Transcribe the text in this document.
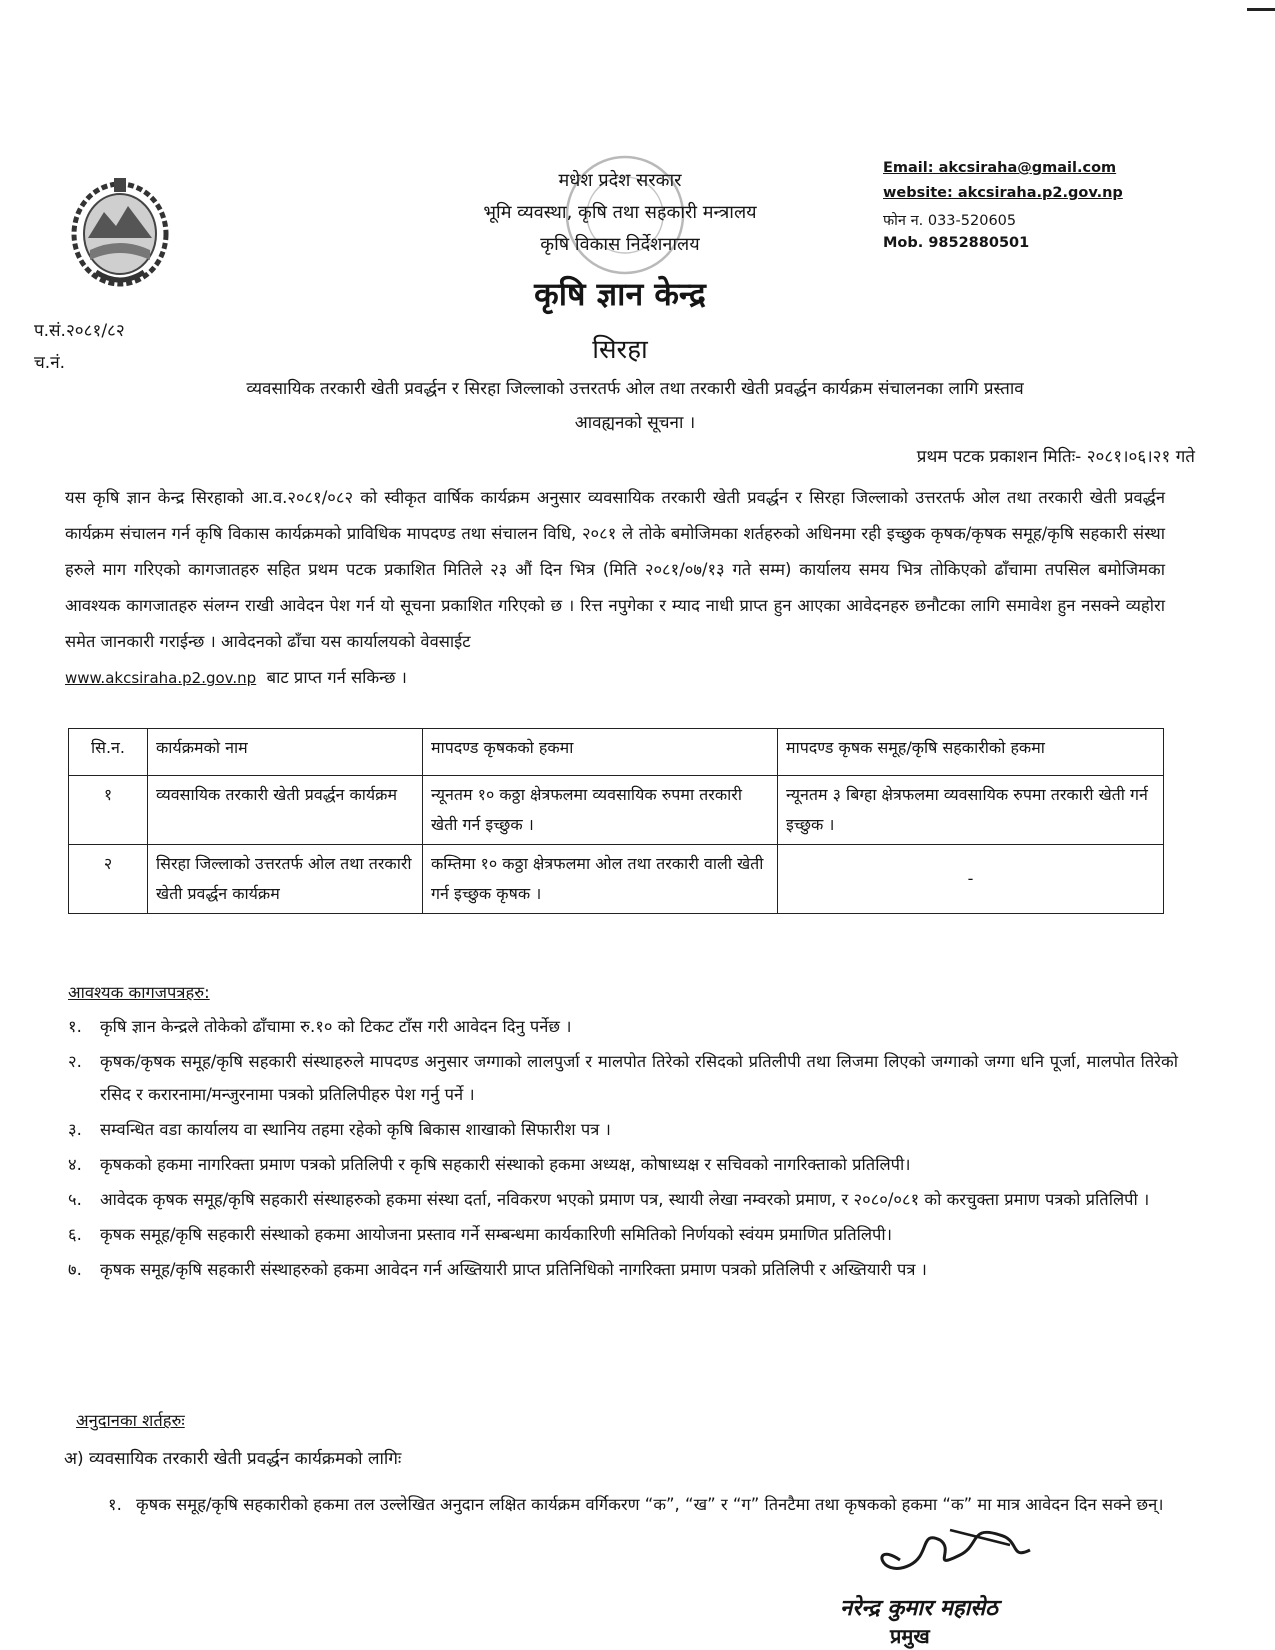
मधेश प्रदेश सरकार
भूमि व्यवस्था, कृषि तथा सहकारी मन्त्रालय
कृषि विकास निर्देशनालय
कृषि ज्ञान केन्द्र
सिरहा
Email: akcsiraha@gmail.com
website: akcsiraha.p2.gov.np
फोन न. 033-520605
Mob. 9852880501
प.सं.२०८१/८२
च.नं.
व्यवसायिक तरकारी खेती प्रवर्द्धन र सिरहा जिल्लाको उत्तरतर्फ ओल तथा तरकारी खेती प्रवर्द्धन कार्यक्रम संचालनका लागि प्रस्ताव
आवह्यनको सूचना ।
प्रथम पटक प्रकाशन मितिः- २०८१।०६।२१ गते
यस कृषि ज्ञान केन्द्र सिरहाको आ.व.२०८१/०८२ को स्वीकृत वार्षिक कार्यक्रम अनुसार व्यवसायिक तरकारी खेती प्रवर्द्धन र सिरहा जिल्लाको उत्तरतर्फ ओल तथा तरकारी खेती प्रवर्द्धन कार्यक्रम संचालन गर्न कृषि विकास कार्यक्रमको प्राविधिक मापदण्ड तथा संचालन विधि, २०८१ ले तोके बमोजिमका शर्तहरुको अधिनमा रही इच्छुक कृषक/कृषक समूह/कृषि सहकारी संस्था हरुले माग गरिएको कागजातहरु सहित प्रथम पटक प्रकाशित मितिले २३ औं दिन भित्र (मिति २०८१/०७/१३ गते सम्म) कार्यालय समय भित्र तोकिएको ढाँचामा तपसिल बमोजिमका आवश्यक कागजातहरु संलग्न राखी आवेदन पेश गर्न यो सूचना प्रकाशित गरिएको छ । रित्त नपुगेका र म्याद नाधी प्राप्त हुन आएका आवेदनहरु छनौटका लागि समावेश हुन नसक्ने व्यहोरा समेत जानकारी गराईन्छ । आवेदनको ढाँचा यस कार्यालयको वेवसाईट
www.akcsiraha.p2.gov.np बाट प्राप्त गर्न सकिन्छ ।
सि.न.	कार्यक्रमको नाम	मापदण्ड कृषकको हकमा	मापदण्ड कृषक समूह/कृषि सहकारीको हकमा
१	व्यवसायिक तरकारी खेती प्रवर्द्धन कार्यक्रम	न्यूनतम १० कठ्ठा क्षेत्रफलमा व्यवसायिक रुपमा तरकारी खेती गर्न इच्छुक ।	न्यूनतम ३ बिग्हा क्षेत्रफलमा व्यवसायिक रुपमा तरकारी खेती गर्न इच्छुक ।
२	सिरहा जिल्लाको उत्तरतर्फ ओल तथा तरकारी खेती प्रवर्द्धन कार्यक्रम	कम्तिमा १० कठ्ठा क्षेत्रफलमा ओल तथा तरकारी वाली खेती गर्न इच्छुक कृषक ।	-
आवश्यक कागजपत्रहरु:
१. कृषि ज्ञान केन्द्रले तोकेको ढाँचामा रु.१० को टिकट टाँस गरी आवेदन दिनु पर्नेछ ।
२. कृषक/कृषक समूह/कृषि सहकारी संस्थाहरुले मापदण्ड अनुसार जग्गाको लालपुर्जा र मालपोत तिरेको रसिदको प्रतिलीपी तथा लिजमा लिएको जग्गाको जग्गा धनि पूर्जा, मालपोत तिरेको रसिद र करारनामा/मन्जुरनामा पत्रको प्रतिलिपीहरु पेश गर्नु पर्ने ।
३. सम्वन्धित वडा कार्यालय वा स्थानिय तहमा रहेको कृषि बिकास शाखाको सिफारीश पत्र ।
४. कृषकको हकमा नागरिक्ता प्रमाण पत्रको प्रतिलिपी र कृषि सहकारी संस्थाको हकमा अध्यक्ष, कोषाध्यक्ष र सचिवको नागरिक्ताको प्रतिलिपी।
५. आवेदक कृषक समूह/कृषि सहकारी संस्थाहरुको हकमा संस्था दर्ता, नविकरण भएको प्रमाण पत्र, स्थायी लेखा नम्वरको प्रमाण, र २०८०/०८१ को करचुक्ता प्रमाण पत्रको प्रतिलिपी ।
६. कृषक समूह/कृषि सहकारी संस्थाको हकमा आयोजना प्रस्ताव गर्ने सम्बन्धमा कार्यकारिणी समितिको निर्णयको स्वंयम प्रमाणित प्रतिलिपी।
७. कृषक समूह/कृषि सहकारी संस्थाहरुको हकमा आवेदन गर्न अख्तियारी प्राप्त प्रतिनिधिको नागरिक्ता प्रमाण पत्रको प्रतिलिपी र अख्तियारी पत्र ।
अनुदानका शर्तहरुः
अ) व्यवसायिक तरकारी खेती प्रवर्द्धन कार्यक्रमको लागिः
१. कृषक समूह/कृषि सहकारीको हकमा तल उल्लेखित अनुदान लक्षित कार्यक्रम वर्गिकरण “क”, “ख” र “ग” तिनटैमा तथा कृषकको हकमा “क” मा मात्र आवेदन दिन सक्ने छन्।
नरेन्द्र कुमार महासेठ
प्रमुख
